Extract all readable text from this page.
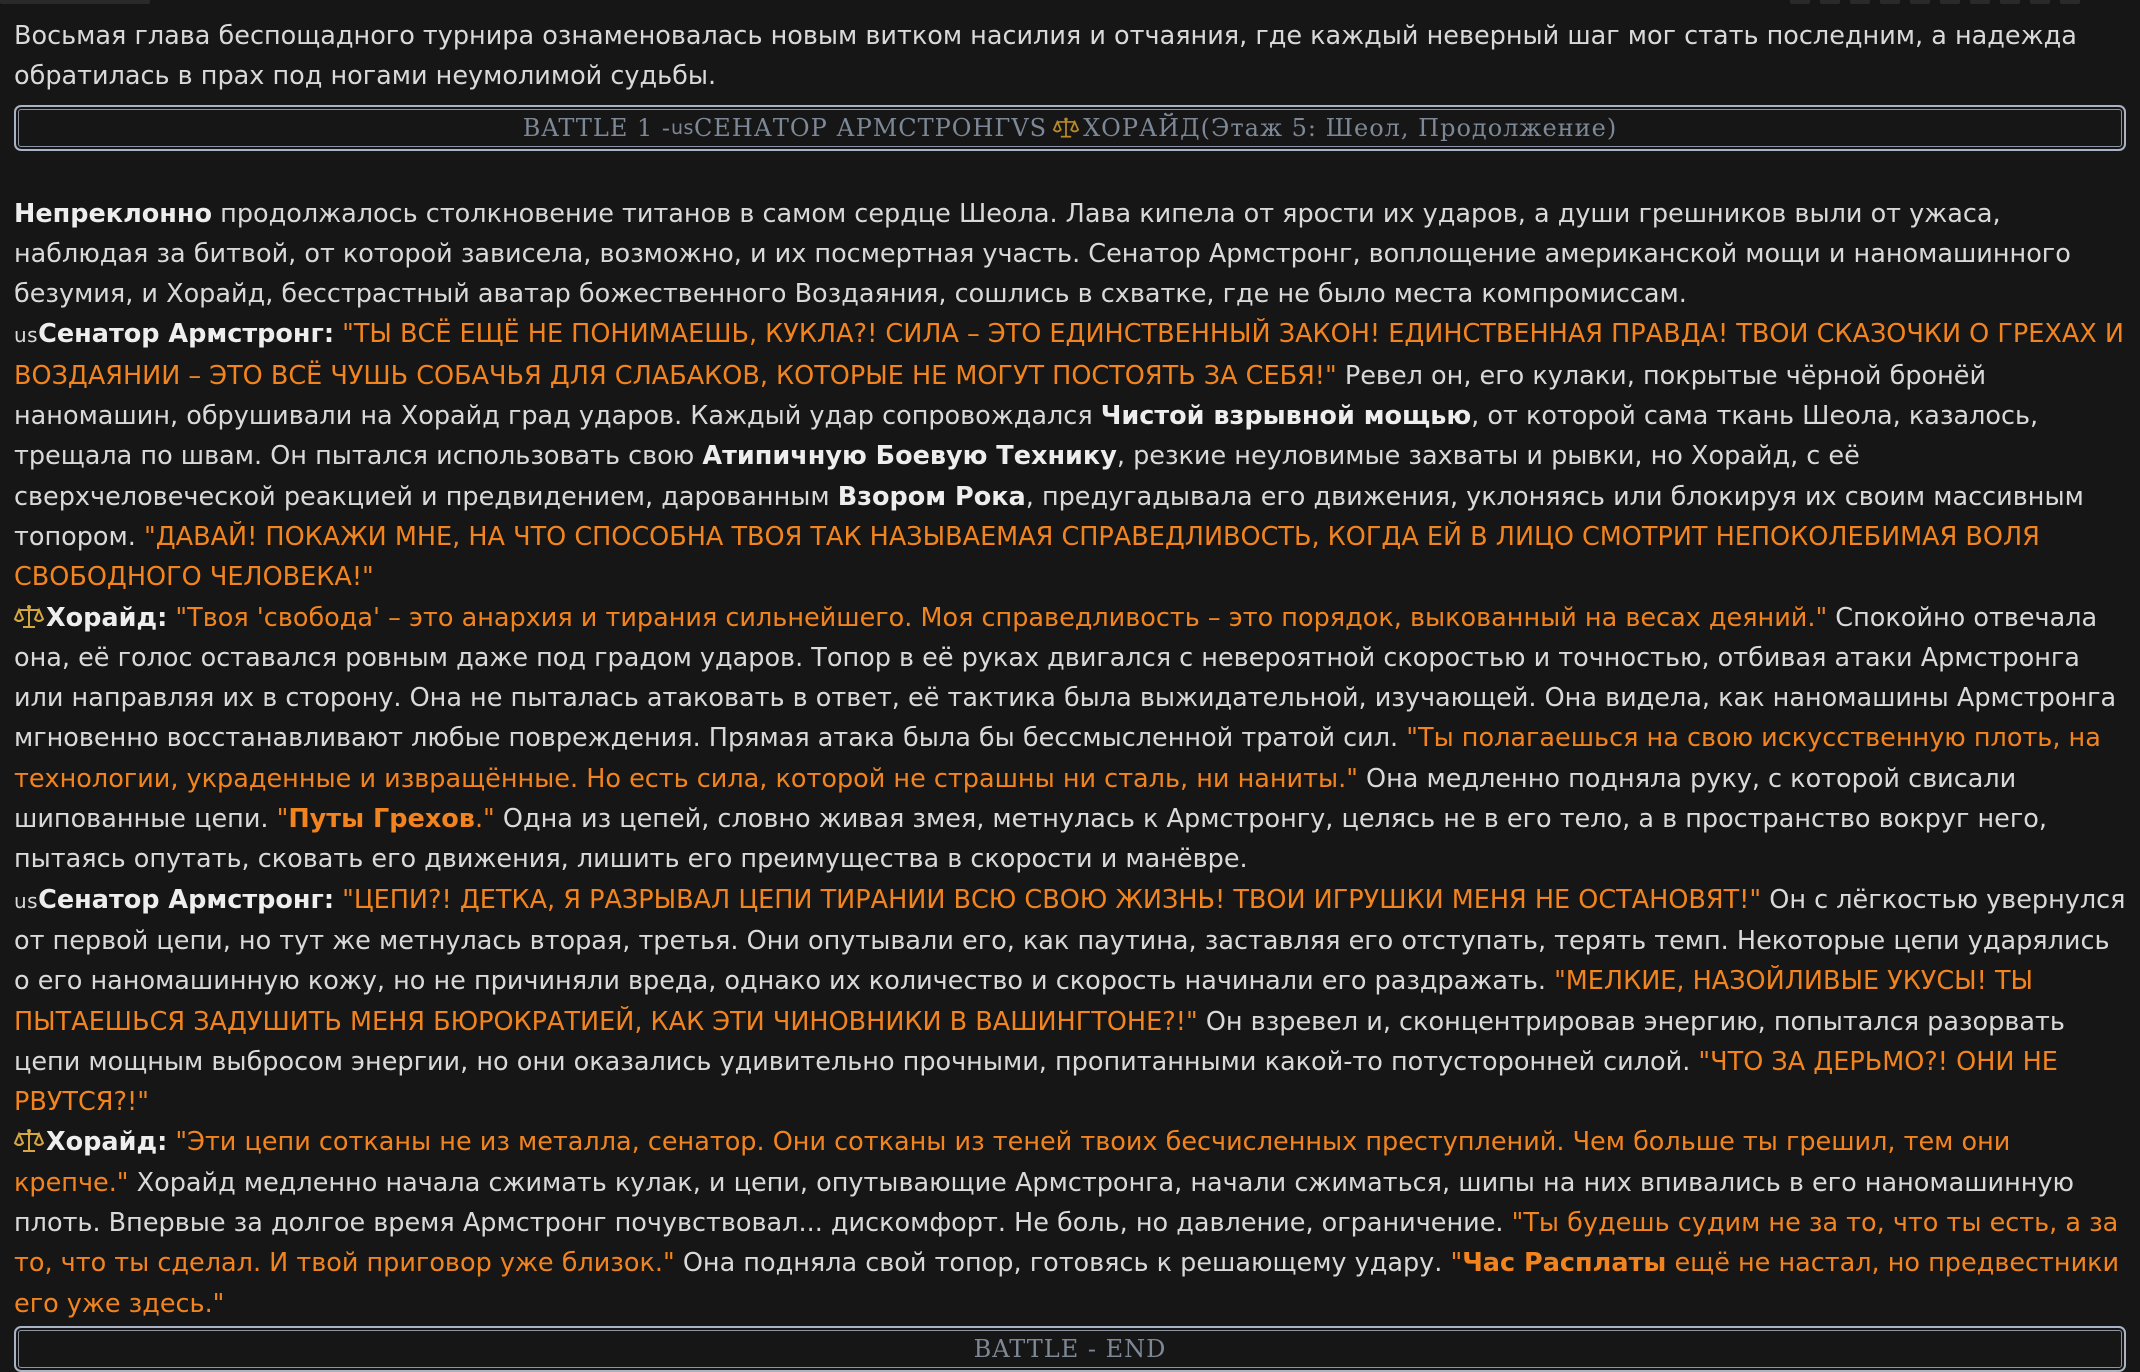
Восьмая глава беспощадного турнира ознаменовалась новым витком насилия и отчаяния, где каждый неверный шаг мог стать последним, а надежда обратилась в прах под ногами неумолимой судьбы.

BATTLE 1 - us СЕНАТОР АРМСТРОНГ VS ХОРАЙД (Этаж 5: Шеол, Продолжение)

Непреклонно продолжалось столкновение титанов в самом сердце Шеола. Лава кипела от ярости их ударов, а души грешников выли от ужаса, наблюдая за битвой, от которой зависела, возможно, и их посмертная участь. Сенатор Армстронг, воплощение американской мощи и наномашинного безумия, и Хорайд, бесстрастный аватар божественного Воздаяния, сошлись в схватке, где не было места компромиссам.

usСенатор Армстронг: "ТЫ ВСЁ ЕЩЁ НЕ ПОНИМАЕШЬ, КУКЛА?! СИЛА – ЭТО ЕДИНСТВЕННЫЙ ЗАКОН! ЕДИНСТВЕННАЯ ПРАВДА! ТВОИ СКАЗОЧКИ О ГРЕХАХ И ВОЗДАЯНИИ – ЭТО ВСЁ ЧУШЬ СОБАЧЬЯ ДЛЯ СЛАБАКОВ, КОТОРЫЕ НЕ МОГУТ ПОСТОЯТЬ ЗА СЕБЯ!" Ревел он, его кулаки, покрытые чёрной бронёй наномашин, обрушивали на Хорайд град ударов. Каждый удар сопровождался Чистой взрывной мощью, от которой сама ткань Шеола, казалось, трещала по швам. Он пытался использовать свою Атипичную Боевую Технику, резкие неуловимые захваты и рывки, но Хорайд, с её сверхчеловеческой реакцией и предвидением, дарованным Взором Рока, предугадывала его движения, уклоняясь или блокируя их своим массивным топором. "ДАВАЙ! ПОКАЖИ МНЕ, НА ЧТО СПОСОБНА ТВОЯ ТАК НАЗЫВАЕМАЯ СПРАВЕДЛИВОСТЬ, КОГДА ЕЙ В ЛИЦО СМОТРИТ НЕПОКОЛЕБИМАЯ ВОЛЯ СВОБОДНОГО ЧЕЛОВЕКА!"

Хорайд: "Твоя 'свобода' – это анархия и тирания сильнейшего. Моя справедливость – это порядок, выкованный на весах деяний." Спокойно отвечала она, её голос оставался ровным даже под градом ударов. Топор в её руках двигался с невероятной скоростью и точностью, отбивая атаки Армстронга или направляя их в сторону. Она не пыталась атаковать в ответ, её тактика была выжидательной, изучающей. Она видела, как наномашины Армстронга мгновенно восстанавливают любые повреждения. Прямая атака была бы бессмысленной тратой сил. "Ты полагаешься на свою искусственную плоть, на технологии, украденные и извращённые. Но есть сила, которой не страшны ни сталь, ни наниты." Она медленно подняла руку, с которой свисали шипованные цепи. "Путы Грехов." Одна из цепей, словно живая змея, метнулась к Армстронгу, целясь не в его тело, а в пространство вокруг него, пытаясь опутать, сковать его движения, лишить его преимущества в скорости и манёвре.

usСенатор Армстронг: "ЦЕПИ?! ДЕТКА, Я РАЗРЫВАЛ ЦЕПИ ТИРАНИИ ВСЮ СВОЮ ЖИЗНЬ! ТВОИ ИГРУШКИ МЕНЯ НЕ ОСТАНОВЯТ!" Он с лёгкостью увернулся от первой цепи, но тут же метнулась вторая, третья. Они опутывали его, как паутина, заставляя его отступать, терять темп. Некоторые цепи ударялись о его наномашинную кожу, но не причиняли вреда, однако их количество и скорость начинали его раздражать. "МЕЛКИЕ, НАЗОЙЛИВЫЕ УКУСЫ! ТЫ ПЫТАЕШЬСЯ ЗАДУШИТЬ МЕНЯ БЮРОКРАТИЕЙ, КАК ЭТИ ЧИНОВНИКИ В ВАШИНГТОНЕ?!" Он взревел и, сконцентрировав энергию, попытался разорвать цепи мощным выбросом энергии, но они оказались удивительно прочными, пропитанными какой-то потусторонней силой. "ЧТО ЗА ДЕРЬМО?! ОНИ НЕ РВУТСЯ?!"

Хорайд: "Эти цепи сотканы не из металла, сенатор. Они сотканы из теней твоих бесчисленных преступлений. Чем больше ты грешил, тем они крепче." Хорайд медленно начала сжимать кулак, и цепи, опутывающие Армстронга, начали сжиматься, шипы на них впивались в его наномашинную плоть. Впервые за долгое время Армстронг почувствовал... дискомфорт. Не боль, но давление, ограничение. "Ты будешь судим не за то, что ты есть, а за то, что ты сделал. И твой приговор уже близок." Она подняла свой топор, готовясь к решающему удару. "Час Расплаты ещё не настал, но предвестники его уже здесь."

BATTLE - END
